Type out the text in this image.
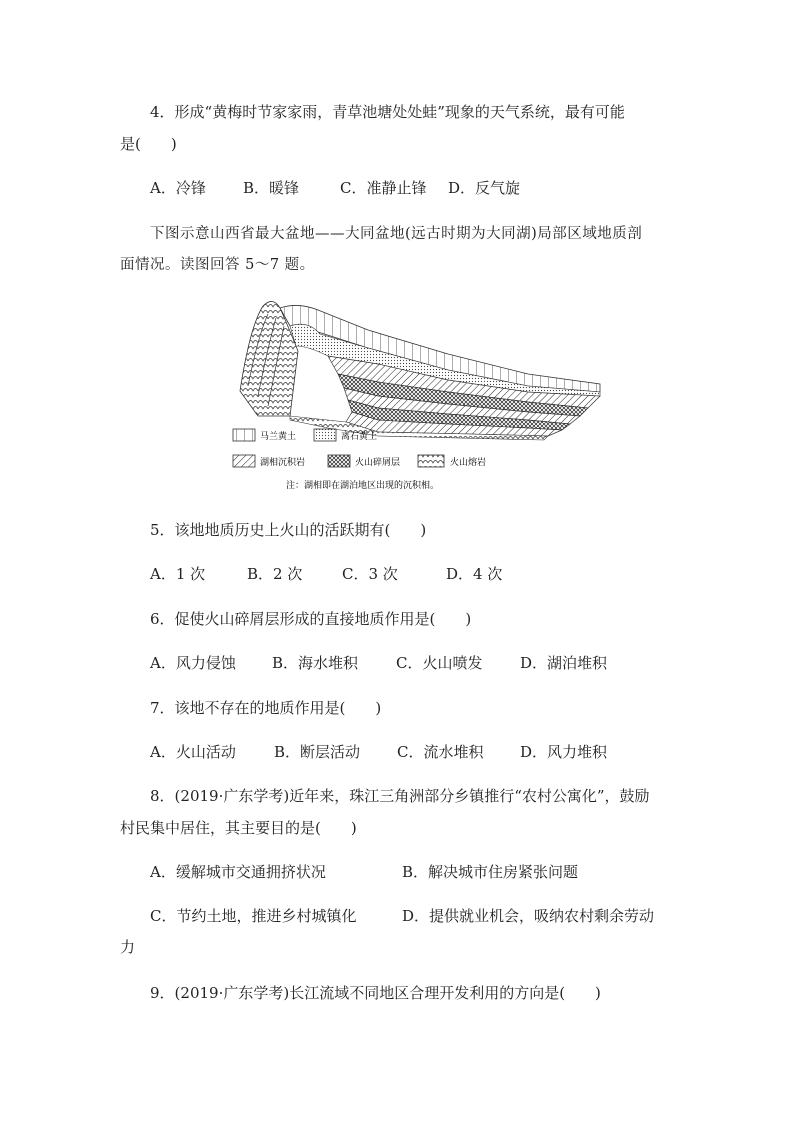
4．形成“黄梅时节家家雨，青草池塘处处蛙”现象的天气系统，最有可能
是(　　)
A．冷锋 B．暖锋	C．准静止锋 D．反气旋
下图示意山西省最大盆地——大同盆地(远古时期为大同湖)局部区域地质剖
面情况。读图回答 5～7 题。
马兰黄土	离石黄土
湖相沉积岩	火山碎屑层	火山熔岩
注：湖相即在湖泊地区出现的沉积相。
5．该地地质历史上火山的活跃期有(　　)
A．1 次	B．2 次	C．3 次	D．4 次
6．促使火山碎屑层形成的直接地质作用是(　　)
A．风力侵蚀 B．海水堆积	C．火山喷发	D．湖泊堆积
7．该地不存在的地质作用是(　　)
A．火山活动	B．断层活动 C．流水堆积 D．风力堆积
8．(2019·广东学考)近年来，珠江三角洲部分乡镇推行“农村公寓化”，鼓励
村民集中居住，其主要目的是(　　)
A．缓解城市交通拥挤状况	B．解决城市住房紧张问题
C．节约土地，推进乡村城镇化	D．提供就业机会，吸纳农村剩余劳动
力
9．(2019·广东学考)长江流域不同地区合理开发利用的方向是(　　)
